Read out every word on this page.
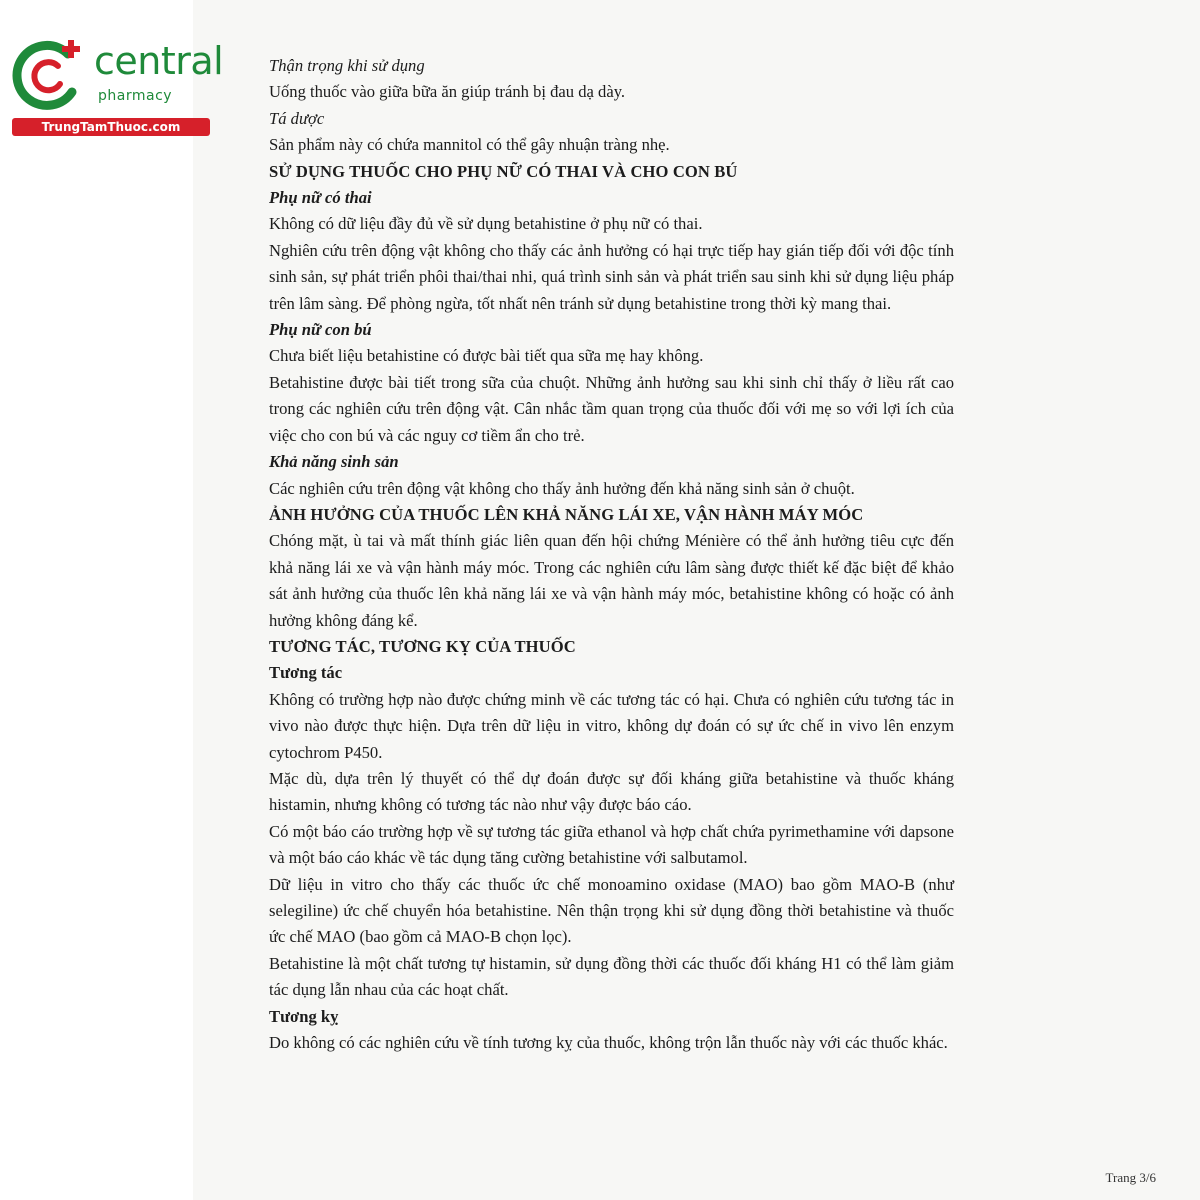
central
pharmacy
TrungTamThuoc.com

Thận trọng khi sử dụng

Uống thuốc vào giữa bữa ăn giúp tránh bị đau dạ dày.

Tá dược

Sản phẩm này có chứa mannitol có thể gây nhuận tràng nhẹ.

SỬ DỤNG THUỐC CHO PHỤ NỮ CÓ THAI VÀ CHO CON BÚ

Phụ nữ có thai

Không có dữ liệu đầy đủ về sử dụng betahistine ở phụ nữ có thai.

Nghiên cứu trên động vật không cho thấy các ảnh hưởng có hại trực tiếp hay gián tiếp đối với độc tính sinh sản, sự phát triển phôi thai/thai nhi, quá trình sinh sản và phát triển sau sinh khi sử dụng liệu pháp trên lâm sàng. Để phòng ngừa, tốt nhất nên tránh sử dụng betahistine trong thời kỳ mang thai.

Phụ nữ con bú

Chưa biết liệu betahistine có được bài tiết qua sữa mẹ hay không.

Betahistine được bài tiết trong sữa của chuột. Những ảnh hưởng sau khi sinh chỉ thấy ở liều rất cao trong các nghiên cứu trên động vật. Cân nhắc tầm quan trọng của thuốc đối với mẹ so với lợi ích của việc cho con bú và các nguy cơ tiềm ẩn cho trẻ.

Khả năng sinh sản

Các nghiên cứu trên động vật không cho thấy ảnh hưởng đến khả năng sinh sản ở chuột.

ẢNH HƯỞNG CỦA THUỐC LÊN KHẢ NĂNG LÁI XE, VẬN HÀNH MÁY MÓC

Chóng mặt, ù tai và mất thính giác liên quan đến hội chứng Ménière có thể ảnh hưởng tiêu cực đến khả năng lái xe và vận hành máy móc. Trong các nghiên cứu lâm sàng được thiết kế đặc biệt để khảo sát ảnh hưởng của thuốc lên khả năng lái xe và vận hành máy móc, betahistine không có hoặc có ảnh hưởng không đáng kể.

TƯƠNG TÁC, TƯƠNG KỴ CỦA THUỐC

Tương tác

Không có trường hợp nào được chứng minh về các tương tác có hại. Chưa có nghiên cứu tương tác in vivo nào được thực hiện. Dựa trên dữ liệu in vitro, không dự đoán có sự ức chế in vivo lên enzym cytochrom P450.

Mặc dù, dựa trên lý thuyết có thể dự đoán được sự đối kháng giữa betahistine và thuốc kháng histamin, nhưng không có tương tác nào như vậy được báo cáo.

Có một báo cáo trường hợp về sự tương tác giữa ethanol và hợp chất chứa pyrimethamine với dapsone và một báo cáo khác về tác dụng tăng cường betahistine với salbutamol.

Dữ liệu in vitro cho thấy các thuốc ức chế monoamino oxidase (MAO) bao gồm MAO-B (như selegiline) ức chế chuyển hóa betahistine. Nên thận trọng khi sử dụng đồng thời betahistine và thuốc ức chế MAO (bao gồm cả MAO-B chọn lọc).

Betahistine là một chất tương tự histamin, sử dụng đồng thời các thuốc đối kháng H1 có thể làm giảm tác dụng lẫn nhau của các hoạt chất.

Tương kỵ

Do không có các nghiên cứu về tính tương kỵ của thuốc, không trộn lẫn thuốc này với các thuốc khác.

Trang 3/6
